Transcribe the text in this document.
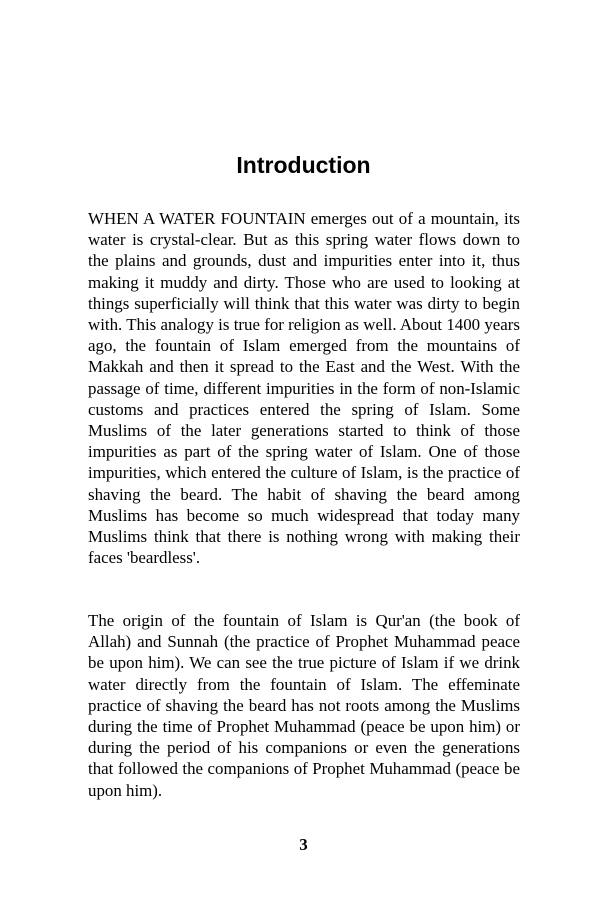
Introduction

WHEN A WATER FOUNTAIN emerges out of a mountain, its water is crystal-clear. But as this spring water flows down to the plains and grounds, dust and impurities enter into it, thus making it muddy and dirty. Those who are used to looking at things superficially will think that this water was dirty to begin with. This analogy is true for religion as well. About 1400 years ago, the fountain of Islam emerged from the mountains of Makkah and then it spread to the East and the West. With the passage of time, different impurities in the form of non-Islamic customs and practices entered the spring of Islam. Some Muslims of the later generations started to think of those impurities as part of the spring water of Islam. One of those impurities, which entered the culture of Islam, is the practice of shaving the beard. The habit of shaving the beard among Muslims has become so much widespread that today many Muslims think that there is nothing wrong with making their faces 'beardless'.

The origin of the fountain of Islam is Qur'an (the book of Allah) and Sunnah (the practice of Prophet Muhammad peace be upon him). We can see the true picture of Islam if we drink water directly from the fountain of Islam. The effeminate practice of shaving the beard has not roots among the Muslims during the time of Prophet Muhammad (peace be upon him) or during the period of his companions or even the generations that followed the companions of Prophet Muhammad (peace be upon him).

3
